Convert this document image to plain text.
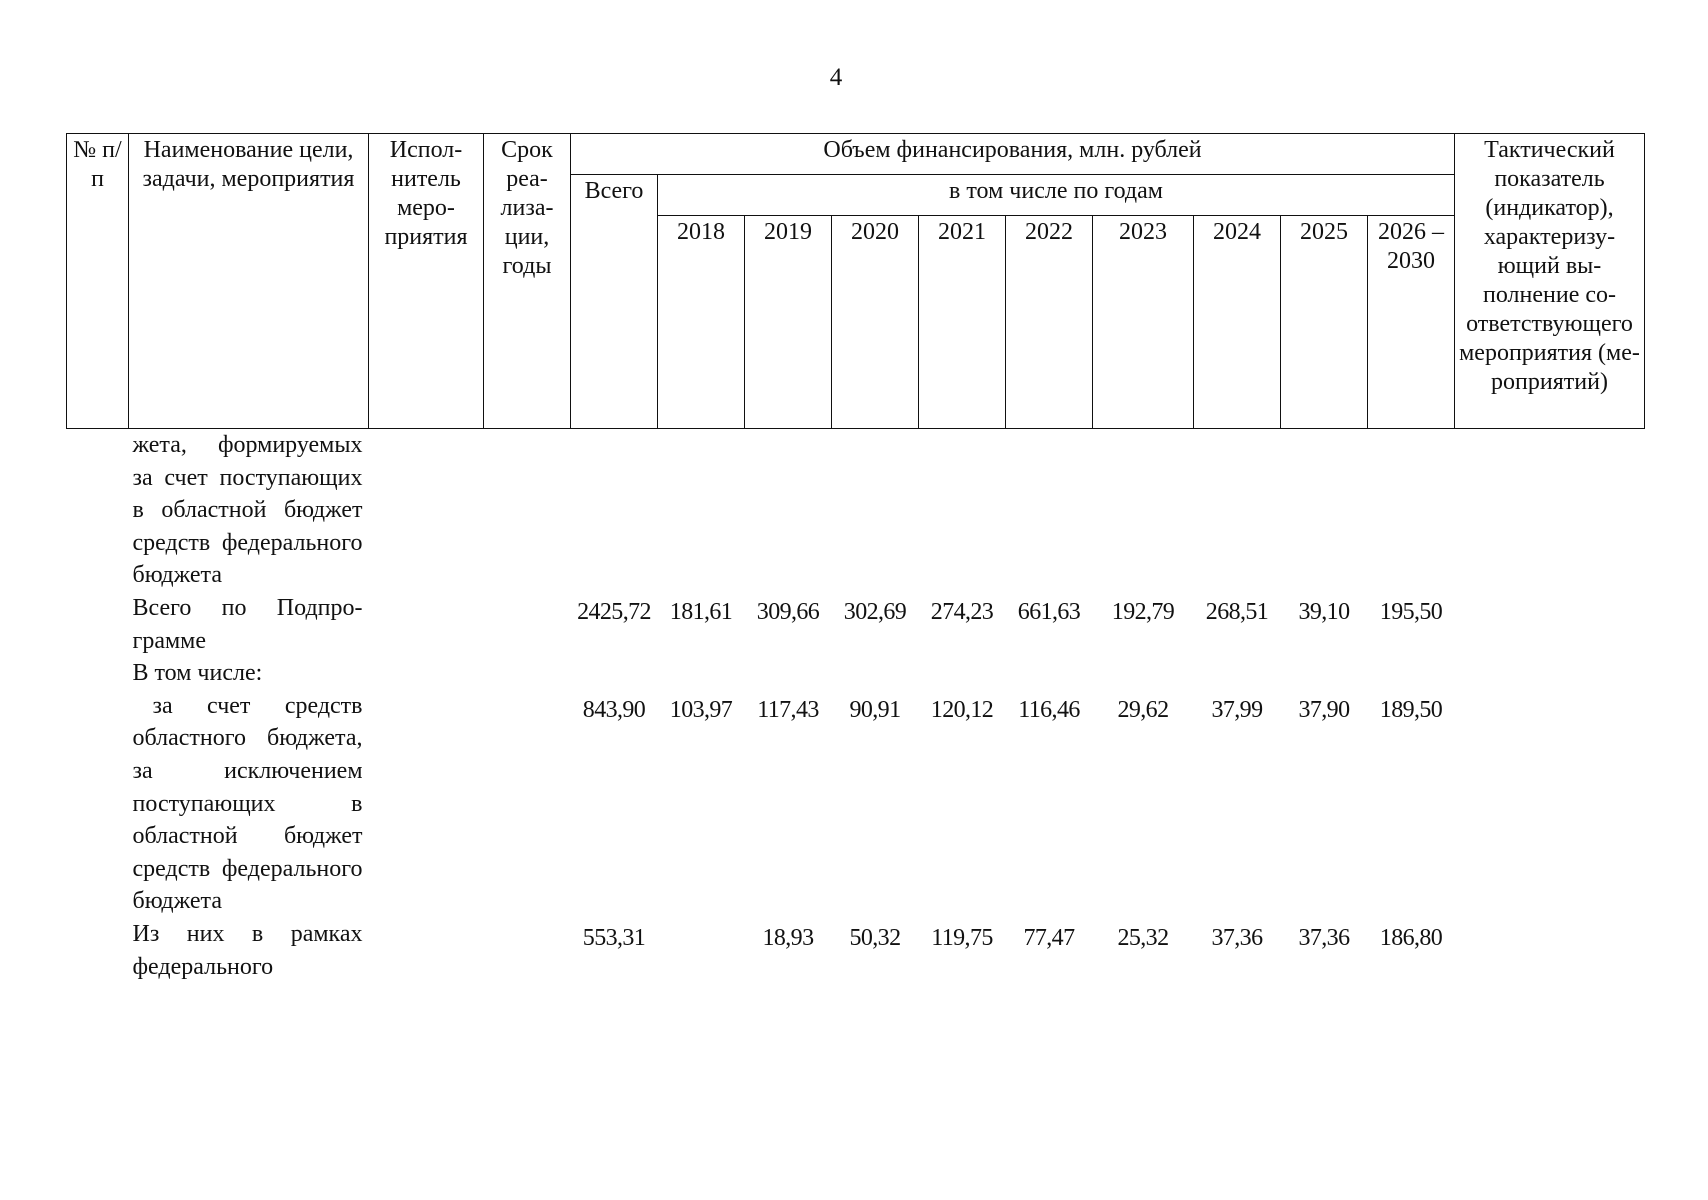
4
№ п/п	Наименование цели, задачи, мероприятия	Исполнитель мероприятия	Срок реализации, годы	Объем финансирования, млн. рублей										Тактический показатель (индикатор), характеризующий выполнение соответствующего мероприятия (мероприятий)
				Всего	в том числе по годам									
					2018	2019	2020	2021	2022	2023	2024	2025	2026 – 2030	
	жета, формируемых за счет поступающих в областной бюджет средств федерального бюджета													
	Всего по Подпрограмме			2425,72	181,61	309,66	302,69	274,23	661,63	192,79	268,51	39,10	195,50	
	В том числе:													
	за счет средств областного бюджета, за исключением поступающих в областной бюджет средств федерального бюджета			843,90	103,97	117,43	90,91	120,12	116,46	29,62	37,99	37,90	189,50	
	Из них в рамках федерального			553,31		18,93	50,32	119,75	77,47	25,32	37,36	37,36	186,80	
